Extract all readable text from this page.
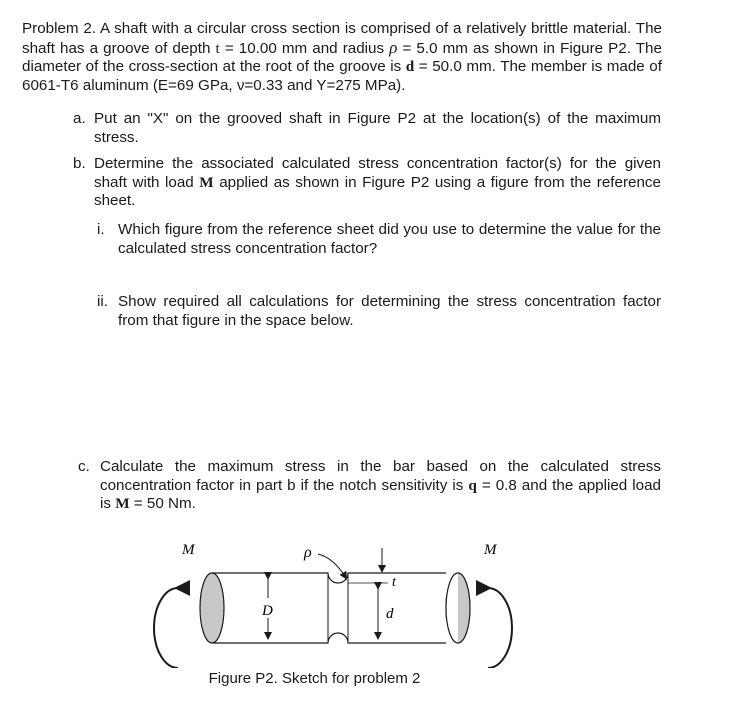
Problem 2. A shaft with a circular cross section is comprised of a relatively brittle material. The shaft has a groove of depth t = 10.00 mm and radius ρ = 5.0 mm as shown in Figure P2. The diameter of the cross-section at the root of the groove is d = 50.0 mm. The member is made of 6061-T6 aluminum (E=69 GPa, ν=0.33 and Y=275 MPa).
a. Put an "X" on the grooved shaft in Figure P2 at the location(s) of the maximum stress.
b. Determine the associated calculated stress concentration factor(s) for the given shaft with load M applied as shown in Figure P2 using a figure from the reference sheet.
i. Which figure from the reference sheet did you use to determine the value for the calculated stress concentration factor?
ii. Show required all calculations for determining the stress concentration factor from that figure in the space below.
c. Calculate the maximum stress in the bar based on the calculated stress concentration factor in part b if the notch sensitivity is q = 0.8 and the applied load is M = 50 Nm.
M	M
D
ρ
t
d
Figure P2. Sketch for problem 2
